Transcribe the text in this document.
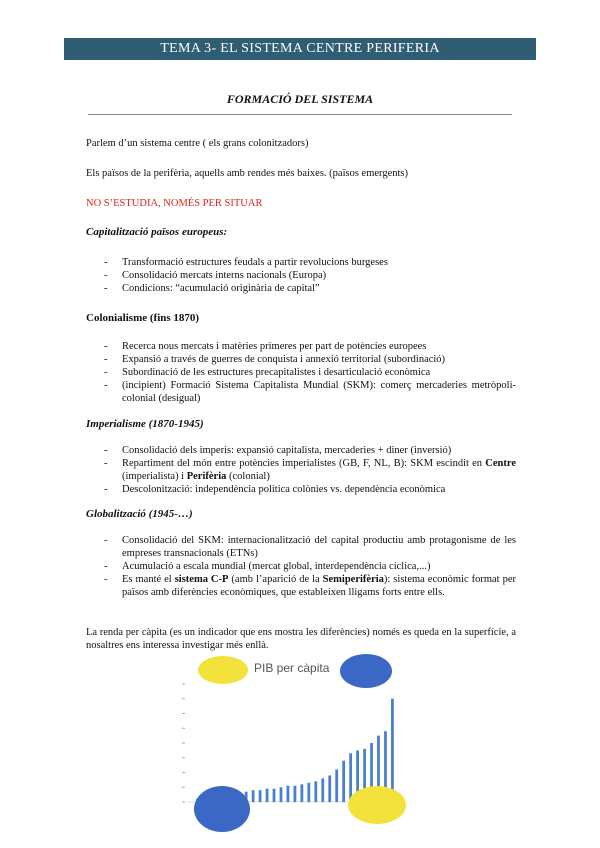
TEMA 3- EL SISTEMA CENTRE PERIFERIA
FORMACIÓ DEL SISTEMA
Parlem d’un sistema centre ( els grans colonitzadors)
Els països de la perifèria, aquells amb rendes més baixes. (països emergents)
NO S’ESTUDIA, NOMÉS PER SITUAR
Capitalització països europeus:
- Transformació estructures feudals a partir revolucions burgeses
- Consolidació mercats interns nacionals (Europa)
- Condicions: “acumulació originària de capital”
Colonialisme (fins 1870)
- Recerca nous mercats i matèries primeres per part de potències europees
- Expansió a través de guerres de conquista i annexió territorial (subordinació)
- Subordinació de les estructures precapitalistes i desarticulació econòmica
- (incipient) Formació Sistema Capitalista Mundial (SKM): comerç mercaderies metròpoli-colonial (desigual)
Imperialisme (1870-1945)
- Consolidació dels imperis: expansió capitalista, mercaderies + diner (inversió)
- Repartiment del món entre potències imperialistes (GB, F, NL, B): SKM escindit en Centre (imperialista) i Perifèria (colonial)
- Descolonització: independència política colònies vs. dependència econòmica
Globalització (1945-…)
- Consolidació del SKM: internacionalització del capital productiu amb protagonisme de les empreses transnacionals (ETNs)
- Acumulació a escala mundial (mercat global, interdependència cíclica,...)
- Es manté el sistema C-P (amb l’aparició de la Semiperifèria): sistema econòmic format per països amb diferències econòmiques, que estableixen lligams forts entre ells.
La renda per càpita (es un indicador que ens mostra les diferències) només es queda en la superfície, a nosaltres ens interessa investigar més enllà.
PIB per càpita
